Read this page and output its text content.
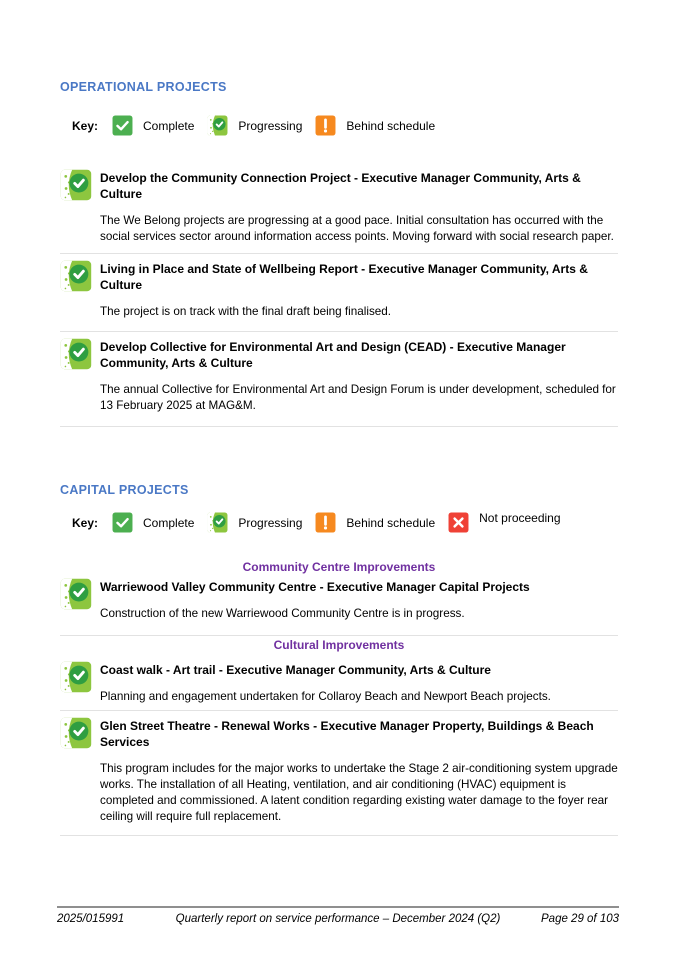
OPERATIONAL PROJECTS
Key:	Complete	Progressing	Behind schedule
Develop the Community Connection Project - Executive Manager Community, Arts & Culture
The We Belong projects are progressing at a good pace. Initial consultation has occurred with the social services sector around information access points. Moving forward with social research paper.
Living in Place and State of Wellbeing Report - Executive Manager Community, Arts & Culture
The project is on track with the final draft being finalised.
Develop Collective for Environmental Art and Design (CEAD) - Executive Manager Community, Arts & Culture
The annual Collective for Environmental Art and Design Forum is under development, scheduled for 13 February 2025 at MAG&M.
CAPITAL PROJECTS
Key:	Complete	Progressing	Behind schedule	Not proceeding
Community Centre Improvements
Warriewood Valley Community Centre - Executive Manager Capital Projects
Construction of the new Warriewood Community Centre is in progress.
Cultural Improvements
Coast walk - Art trail - Executive Manager Community, Arts & Culture
Planning and engagement undertaken for Collaroy Beach and Newport Beach projects.
Glen Street Theatre - Renewal Works - Executive Manager Property, Buildings & Beach Services
This program includes for the major works to undertake the Stage 2 air-conditioning system upgrade works. The installation of all Heating, ventilation, and air conditioning (HVAC) equipment is completed and commissioned. A latent condition regarding existing water damage to the foyer rear ceiling will require full replacement.
2025/015991	Quarterly report on service performance – December 2024 (Q2)	Page 29 of 103
